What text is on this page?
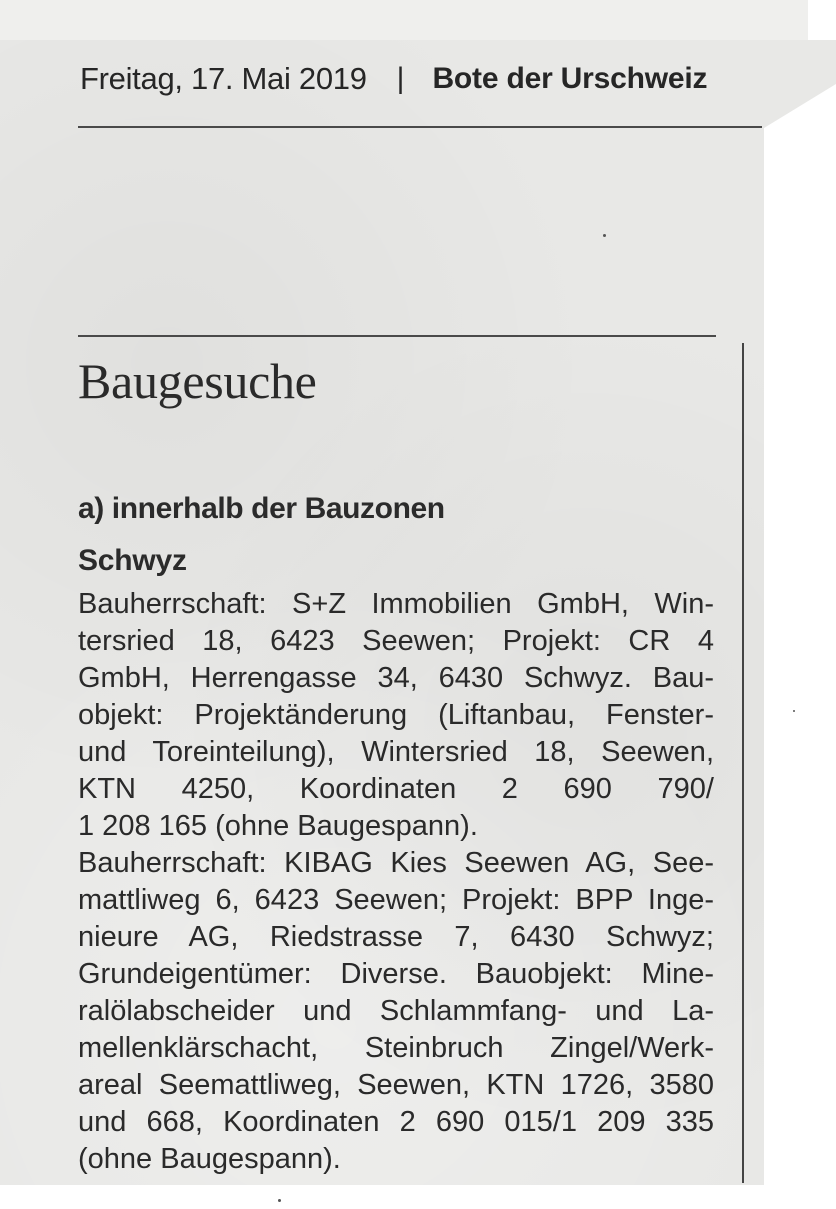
Freitag, 17. Mai 2019 | Bote der Urschweiz
Baugesuche
a) innerhalb der Bauzonen
Schwyz
Bauherrschaft: S+Z Immobilien GmbH, Win-
tersried 18, 6423 Seewen; Projekt: CR 4
GmbH, Herrengasse 34, 6430 Schwyz. Bau-
objekt: Projektänderung (Liftanbau, Fenster-
und Toreinteilung), Wintersried 18, Seewen,
KTN 4250, Koordinaten 2 690 790/
1 208 165 (ohne Baugespann).
Bauherrschaft: KIBAG Kies Seewen AG, See-
mattliweg 6, 6423 Seewen; Projekt: BPP Inge-
nieure AG, Riedstrasse 7, 6430 Schwyz;
Grundeigentümer: Diverse. Bauobjekt: Mine-
ralölabscheider und Schlammfang- und La-
mellenklärschacht, Steinbruch Zingel/Werk-
areal Seemattliweg, Seewen, KTN 1726, 3580
und 668, Koordinaten 2 690 015/1 209 335
(ohne Baugespann).
